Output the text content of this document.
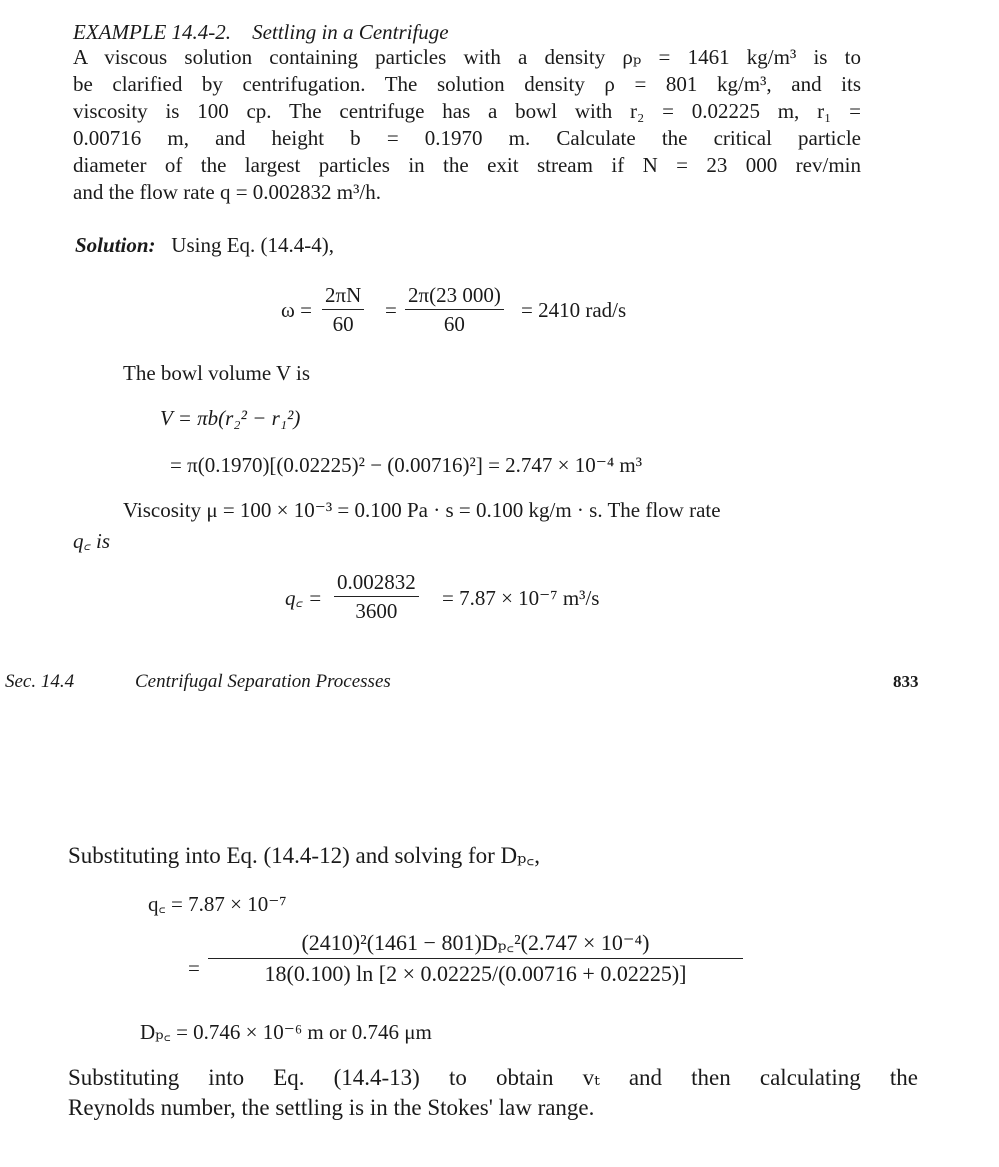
EXAMPLE 14.4-2. Settling in a Centrifuge
A viscous solution containing particles with a density ρₚ = 1461 kg/m³ is to
be clarified by centrifugation. The solution density ρ = 801 kg/m³, and its
viscosity is 100 cp. The centrifuge has a bowl with r₂ = 0.02225 m, r₁ =
0.00716 m, and height b = 0.1970 m. Calculate the critical particle
diameter of the largest particles in the exit stream if N = 23 000 rev/min
and the flow rate q = 0.002832 m³/h.
Solution: Using Eq. (14.4-4),
$\omega = \frac{2\pi N}{60} = \frac{2\pi(23 000)}{60} = 2410$ rad/s
The bowl volume V is
V = πb(r₂² − r₁²)
= π(0.1970)[(0.02225)² − (0.00716)²] = 2.747 × 10⁻⁴ m³
Viscosity μ = 100 × 10⁻³ = 0.100 Pa · s = 0.100 kg/m · s. The flow rate
q꜀ is
q꜀ = $\frac{0.002832}{3600} = 7.87 \times 10^{-7}$ m³/s
Sec. 14.4	Centrifugal Separation Processes	833
Substituting into Eq. (14.4-12) and solving for Dₚ꜀,
q꜀ = 7.87 × 10⁻⁷
= $\frac{\text{(2410)²(1461 − 801)Dₚ꜀²(2.747 × 10⁻⁴)}}{18(0.100) \ln [2 \times 0.02225/(0.00716 + 0.02225)]}$
Dₚ꜀ = 0.746 × 10⁻⁶ m or 0.746 μm
Substituting into Eq. (14.4-13) to obtain vₜ and then calculating the
Reynolds number, the settling is in the Stokes' law range.
